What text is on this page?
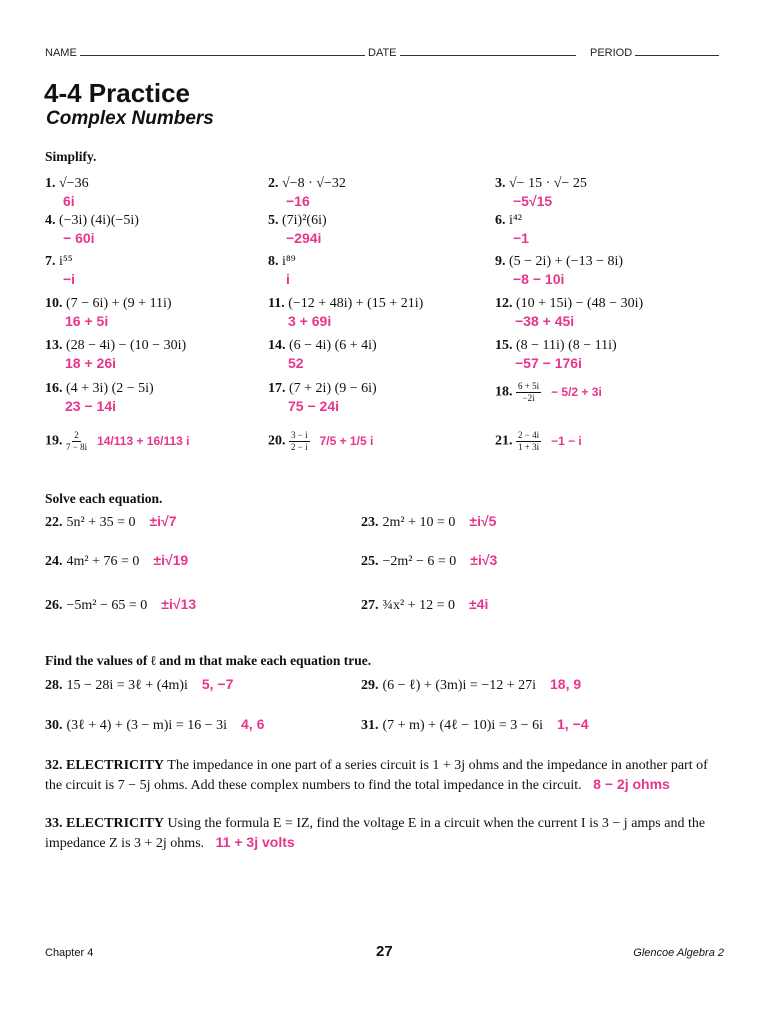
NAME	DATE	PERIOD
4-4 Practice
Complex Numbers
Simplify.
1. √−36
6i
2. √−8 · √−32
−16
3. √− 15 · √− 25
−5√15
4. (−3i) (4i)(−5i)
− 60i
5. (7i)²(6i)
−294i
6. i⁴²
−1
7. i⁵⁵
−i
8. i⁸⁹
i
9. (5 − 2i) + (−13 − 8i)
−8 − 10i
10. (7 − 6i) + (9 + 11i)
16 + 5i
11. (−12 + 48i) + (15 + 21i)
3 + 69i
12. (10 + 15i) − (48 − 30i)
−38 + 45i
13. (28 − 4i) − (10 − 30i)
18 + 26i
14. (6 − 4i) (6 + 4i)
52
15. (8 − 11i) (8 − 11i)
−57 − 176i
16. (4 + 3i) (2 − 5i)
23 − 14i
17. (7 + 2i) (9 − 6i)
75 − 24i
18. $\frac{6 + 5i}{-2i} - 5/2 + 3i$
19. $\frac{2}{7 - 8i} 14/113 + 16/113$ i	20. $\frac{3 - i}{2 - i} 7/5 + 1/5$ i	21. $\frac{2 - 4i}{1 + 3i} -1 - i$
Solve each equation.
22. 5n² + 35 = 0 ±i√7	23. 2m² + 10 = 0 ±i√5
24. 4m² + 76 = 0 ±i√19	25. −2m² − 6 = 0 ±i√3
26. −5m² − 65 = 0 ±i√13	27. ¾x² + 12 = 0 ±4i
Find the values of ℓ and m that make each equation true.
28. 15 − 28i = 3ℓ + (4m)i 5, −7	29. (6 − ℓ) + (3m)i = −12 + 27i 18, 9
30. (3ℓ + 4) + (3 − m)i = 16 − 3i 4, 6	31. (7 + m) + (4ℓ − 10)i = 3 − 6i 1, −4
32. ELECTRICITY The impedance in one part of a series circuit is 1 + 3j ohms and the impedance in another part of the circuit is 7 − 5j ohms. Add these complex numbers to find the total impedance in the circuit. 8 − 2j ohms
33. ELECTRICITY Using the formula E = IZ, find the voltage E in a circuit when the current I is 3 − j amps and the impedance Z is 3 + 2j ohms. 11 + 3j volts
Chapter 4	27	Glencoe Algebra 2
